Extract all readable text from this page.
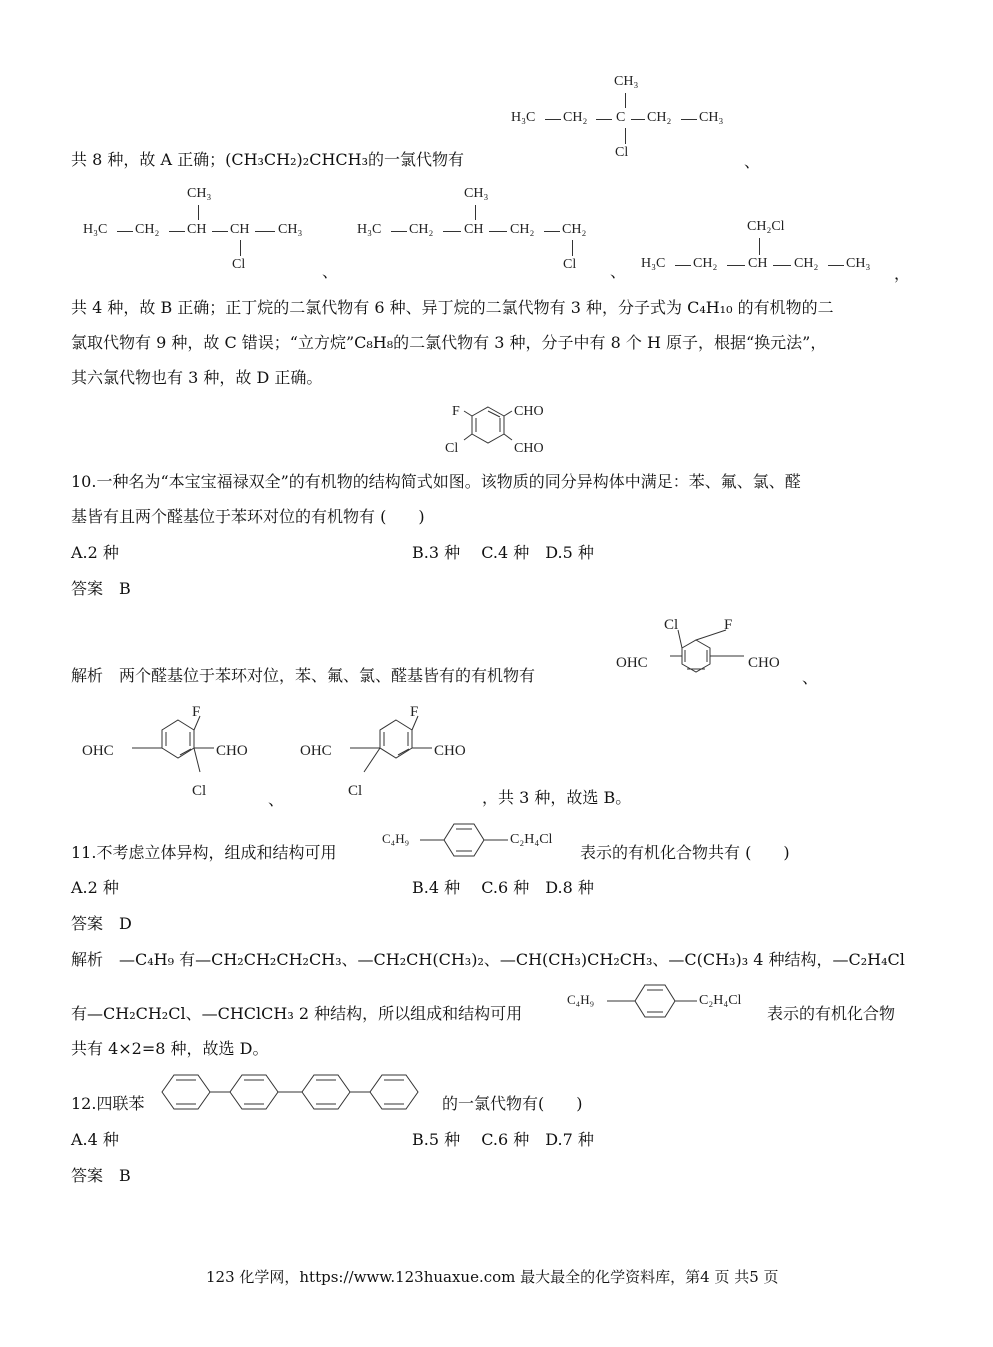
CH₃
H₃C CH₂ C CH₂ CH₃
Cl
共 8 种，故 A 正确；(CH₃CH₂)₂CHCH₃的一氯代物有	、
CH₃
H₃C CH₂ CH CH CH₃
Cl	、
CH₃
H₃C CH₂ CH CH₂ CH₂
Cl 、
CH₂Cl
H₃C CH₂ CH CH₂ CH₃
，
共 4 种，故 B 正确；正丁烷的二氯代物有 6 种、异丁烷的二氯代物有 3 种，分子式为 C₄H₁₀ 的有机物的二
氯取代物有 9 种，故 C 错误；“立方烷”C₈H₈的二氯代物有 3 种，分子中有 8 个 H 原子，根据“换元法”，
其六氯代物也有 3 种，故 D 正确。
F
Cl
CHO
CHO
10.一种名为“本宝宝福禄双全”的有机物的结构简式如图。该物质的同分异构体中满足：苯、氟、氯、醛
基皆有且两个醛基位于苯环对位的有机物有 (　　)
A.2 种	B.3 种　 C.4 种　D.5 种
答案　B
Cl	F
OHC	CHO
解析　两个醛基位于苯环对位，苯、氟、氯、醛基皆有的有机物有	、
F
Cl
OHC	CHO
、
F
Cl
OHC	CHO
，共 3 种，故选 B。
11.不考虑立体异构，组成和结构可用
C₄H₉	C₂H₄Cl
表示的有机化合物共有 (　　)
A.2 种	B.4 种　 C.6 种　D.8 种
答案　D
解析　—C₄H₉ 有—CH₂CH₂CH₂CH₃、—CH₂CH(CH₃)₂、—CH(CH₃)CH₂CH₃、—C(CH₃)₃ 4 种结构，—C₂H₄Cl
有—CH₂CH₂Cl、—CHClCH₃ 2 种结构，所以组成和结构可用
C₄H₉	C₂H₄Cl
表示的有机化合物
共有 4×2=8 种，故选 D。
12.四联苯	的一氯代物有(　　)
A.4 种	B.5 种　 C.6 种　D.7 种
答案　B
123 化学网，https://www.123huaxue.com 最大最全的化学资料库，第4 页 共5 页
